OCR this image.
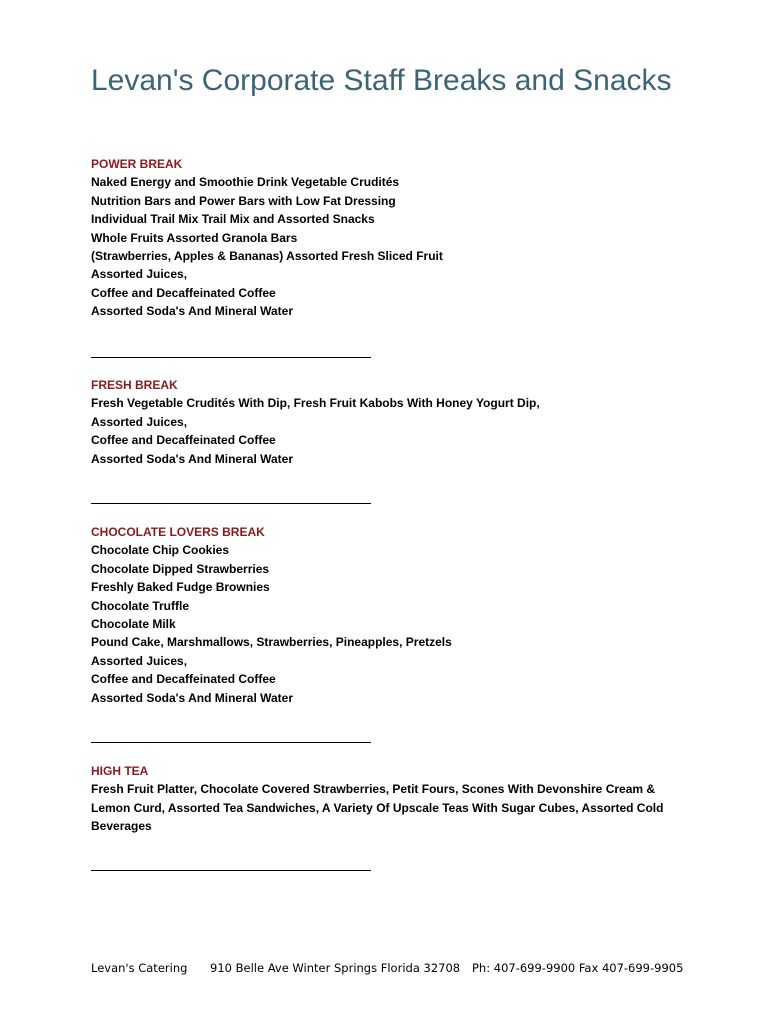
Levan's Corporate Staff Breaks and Snacks
POWER BREAK
Naked Energy and Smoothie Drink Vegetable Crudités
Nutrition Bars and Power Bars with Low Fat Dressing
Individual Trail Mix Trail Mix and Assorted Snacks
Whole Fruits Assorted Granola Bars
(Strawberries, Apples & Bananas) Assorted Fresh Sliced Fruit
Assorted Juices,
Coffee and Decaffeinated Coffee
Assorted Soda's And Mineral Water
FRESH BREAK
Fresh Vegetable Crudités With Dip, Fresh Fruit Kabobs With Honey Yogurt Dip,
Assorted Juices,
Coffee and Decaffeinated Coffee
Assorted Soda's And Mineral Water
CHOCOLATE LOVERS BREAK
Chocolate Chip Cookies
Chocolate Dipped Strawberries
Freshly Baked Fudge Brownies
Chocolate Truffle
Chocolate Milk
Pound Cake, Marshmallows, Strawberries, Pineapples, Pretzels
Assorted Juices,
Coffee and Decaffeinated Coffee
Assorted Soda's And Mineral Water
HIGH TEA
Fresh Fruit Platter, Chocolate Covered Strawberries, Petit Fours, Scones With Devonshire Cream & Lemon Curd, Assorted Tea Sandwiches, A Variety Of Upscale Teas With Sugar Cubes, Assorted Cold Beverages
Levan's Catering 910 Belle Ave Winter Springs Florida 32708 Ph: 407-699-9900 Fax 407-699-9905
